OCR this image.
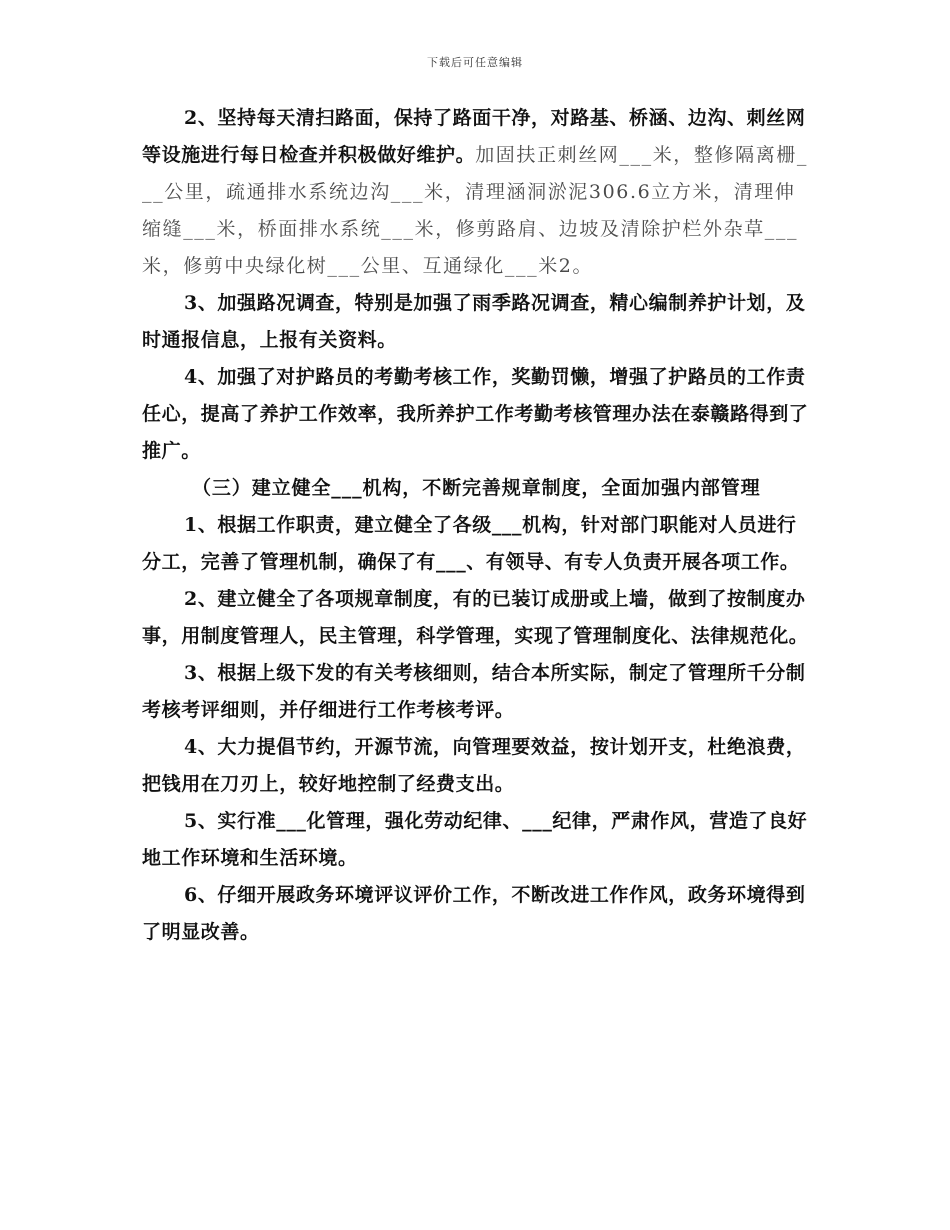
下载后可任意编辑

2、坚持每天清扫路面，保持了路面干净，对路基、桥涵、边沟、刺丝网等设施进行每日检查并积极做好维护。加固扶正刺丝网___米，整修隔离栅___公里，疏通排水系统边沟___米，清理涵洞淤泥306.6立方米，清理伸缩缝___米，桥面排水系统___米，修剪路肩、边坡及清除护栏外杂草___米，修剪中央绿化树___公里、互通绿化___米2。

3、加强路况调查，特别是加强了雨季路况调查，精心编制养护计划，及时通报信息，上报有关资料。

4、加强了对护路员的考勤考核工作，奖勤罚懒，增强了护路员的工作责任心，提高了养护工作效率，我所养护工作考勤考核管理办法在泰赣路得到了推广。

（三）建立健全___机构，不断完善规章制度，全面加强内部管理

1、根据工作职责，建立健全了各级___机构，针对部门职能对人员进行分工，完善了管理机制，确保了有___、有领导、有专人负责开展各项工作。

2、建立健全了各项规章制度，有的已装订成册或上墙，做到了按制度办事，用制度管理人，民主管理，科学管理，实现了管理制度化、法律规范化。

3、根据上级下发的有关考核细则，结合本所实际，制定了管理所千分制考核考评细则，并仔细进行工作考核考评。

4、大力提倡节约，开源节流，向管理要效益，按计划开支，杜绝浪费，把钱用在刀刃上，较好地控制了经费支出。

5、实行准___化管理，强化劳动纪律、___纪律，严肃作风，营造了良好地工作环境和生活环境。

6、仔细开展政务环境评议评价工作，不断改进工作作风，政务环境得到了明显改善。
